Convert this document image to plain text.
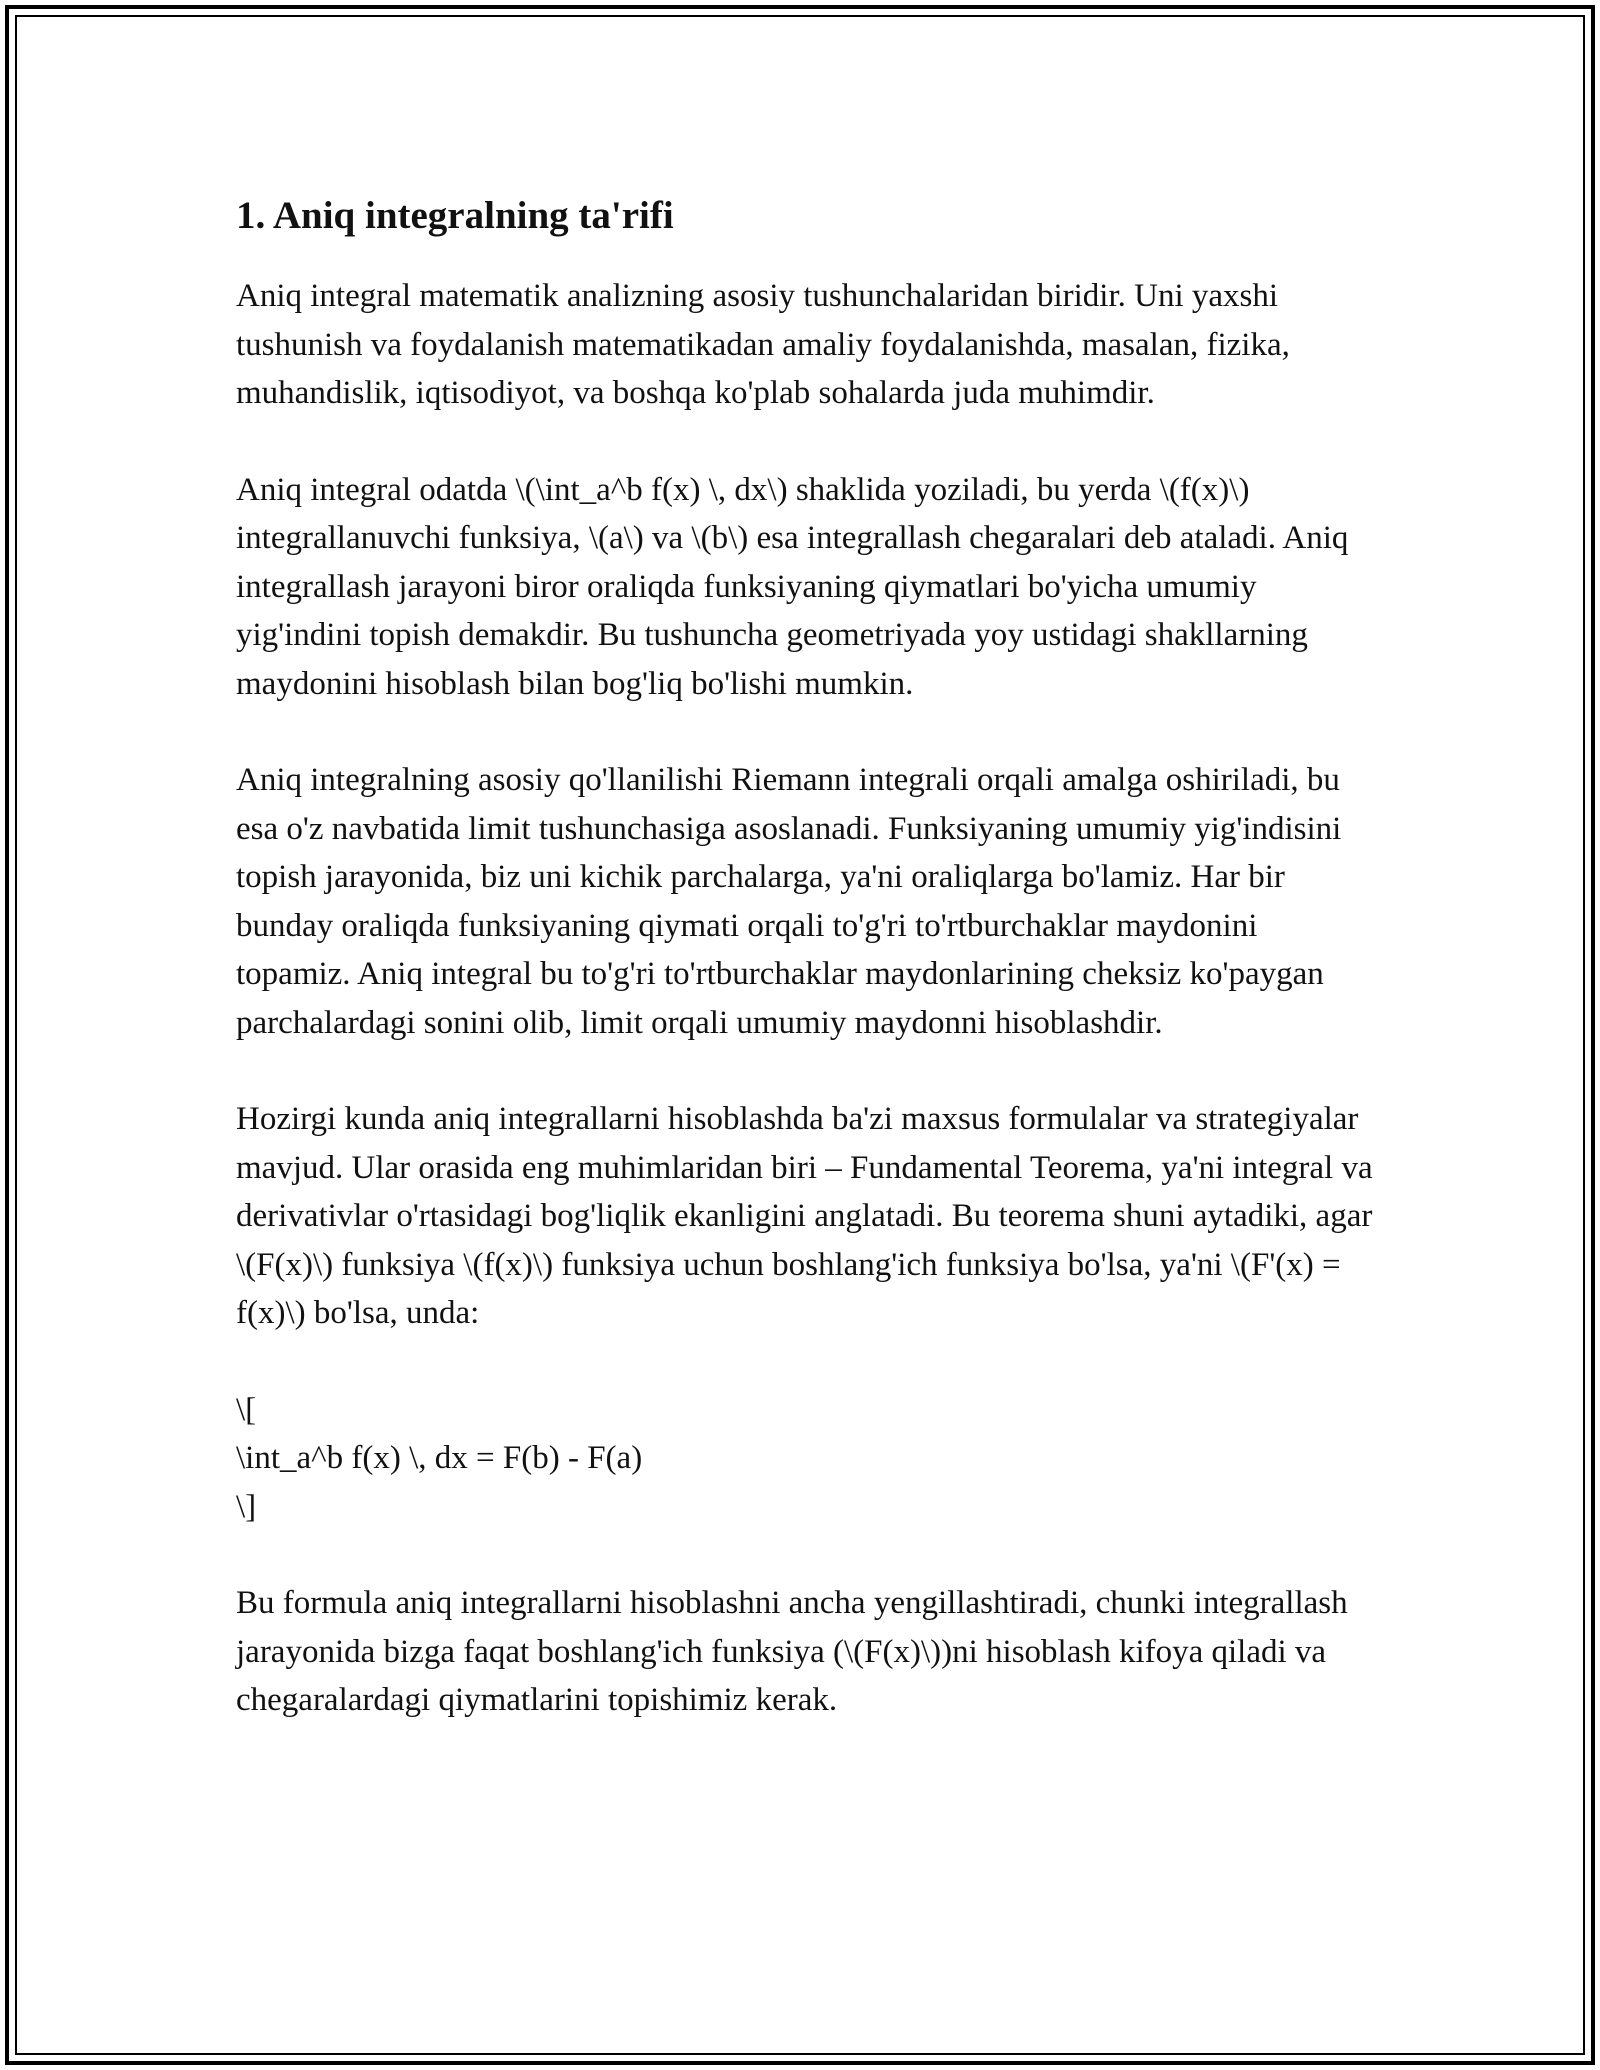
1. Aniq integralning ta'rifi

Aniq integral matematik analizning asosiy tushunchalaridan biridir. Uni yaxshi tushunish va foydalanish matematikadan amaliy foydalanishda, masalan, fizika, muhandislik, iqtisodiyot, va boshqa ko'plab sohalarda juda muhimdir.

Aniq integral odatda \(\int_a^b f(x) \, dx\) shaklida yoziladi, bu yerda \(f(x)\) integrallanuvchi funksiya, \(a\) va \(b\) esa integrallash chegaralari deb ataladi. Aniq integrallash jarayoni biror oraliqda funksiyaning qiymatlari bo'yicha umumiy yig'indini topish demakdir. Bu tushuncha geometriyada yoy ustidagi shakllarning maydonini hisoblash bilan bog'liq bo'lishi mumkin.

Aniq integralning asosiy qo'llanilishi Riemann integrali orqali amalga oshiriladi, bu esa o'z navbatida limit tushunchasiga asoslanadi. Funksiyaning umumiy yig'indisini topish jarayonida, biz uni kichik parchalarga, ya'ni oraliqlarga bo'lamiz. Har bir bunday oraliqda funksiyaning qiymati orqali to'g'ri to'rtburchaklar maydonini topamiz. Aniq integral bu to'g'ri to'rtburchaklar maydonlarining cheksiz ko'paygan parchalardagi sonini olib, limit orqali umumiy maydonni hisoblashdir.

Hozirgi kunda aniq integrallarni hisoblashda ba'zi maxsus formulalar va strategiyalar mavjud. Ular orasida eng muhimlaridan biri – Fundamental Teorema, ya'ni integral va derivativlar o'rtasidagi bog'liqlik ekanligini anglatadi. Bu teorema shuni aytadiki, agar \(F(x)\) funksiya \(f(x)\) funksiya uchun boshlang'ich funksiya bo'lsa, ya'ni \(F'(x) = f(x)\) bo'lsa, unda:

\[
\int_a^b f(x) \, dx = F(b) - F(a)
\]

Bu formula aniq integrallarni hisoblashni ancha yengillashtiradi, chunki integrallash jarayonida bizga faqat boshlang'ich funksiya (\(F(x)\))ni hisoblash kifoya qiladi va chegaralardagi qiymatlarini topishimiz kerak.
